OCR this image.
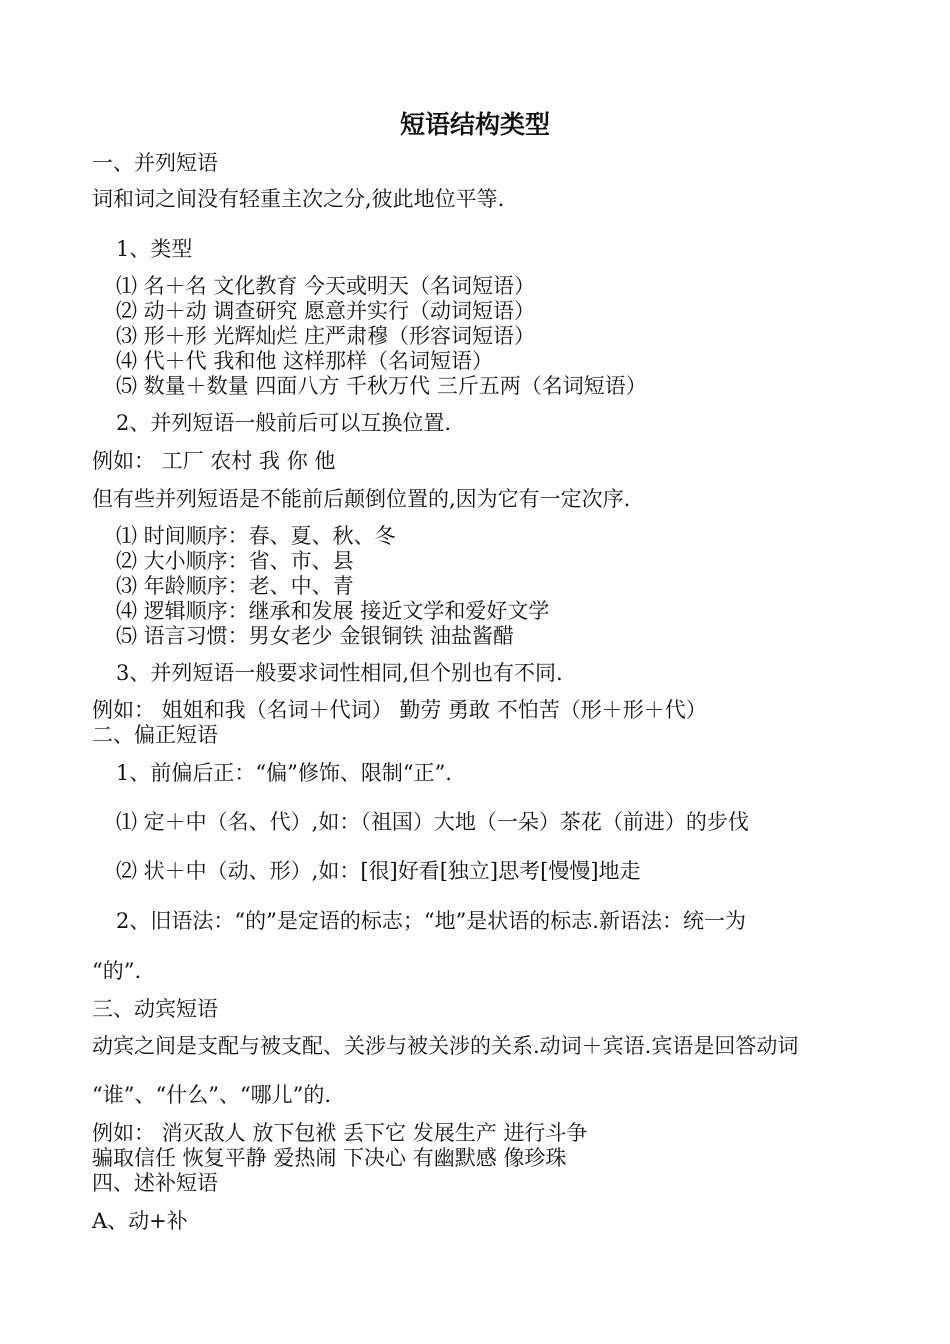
短语结构类型
一、并列短语
词和词之间没有轻重主次之分,彼此地位平等.
1、类型
⑴ 名＋名 文化教育 今天或明天（名词短语）
⑵ 动＋动 调查研究 愿意并实行（动词短语）
⑶ 形＋形 光辉灿烂 庄严肃穆（形容词短语）
⑷ 代＋代 我和他 这样那样（名词短语）
⑸ 数量＋数量 四面八方 千秋万代 三斤五两（名词短语）
2、并列短语一般前后可以互换位置.
例如： 工厂 农村 我 你 他
但有些并列短语是不能前后颠倒位置的,因为它有一定次序.
⑴ 时间顺序：春、夏、秋、冬
⑵ 大小顺序：省、市、县
⑶ 年龄顺序：老、中、青
⑷ 逻辑顺序：继承和发展 接近文学和爱好文学
⑸ 语言习惯：男女老少 金银铜铁 油盐酱醋
3、并列短语一般要求词性相同,但个别也有不同.
例如： 姐姐和我（名词＋代词） 勤劳 勇敢 不怕苦（形＋形＋代）
二、偏正短语
1、前偏后正：“偏”修饰、限制“正”.
⑴ 定＋中（名、代）,如：（祖国）大地（一朵）茶花（前进）的步伐
⑵ 状＋中（动、形）,如：[很]好看[独立]思考[慢慢]地走
2、旧语法：“的”是定语的标志；“地”是状语的标志.新语法：统一为
“的”.
三、动宾短语
动宾之间是支配与被支配、关涉与被关涉的关系.动词＋宾语.宾语是回答动词
“谁”、“什么”、“哪儿”的.
例如： 消灭敌人 放下包袱 丢下它 发展生产 进行斗争
骗取信任 恢复平静 爱热闹 下决心 有幽默感 像珍珠
四、述补短语
A、动+补
